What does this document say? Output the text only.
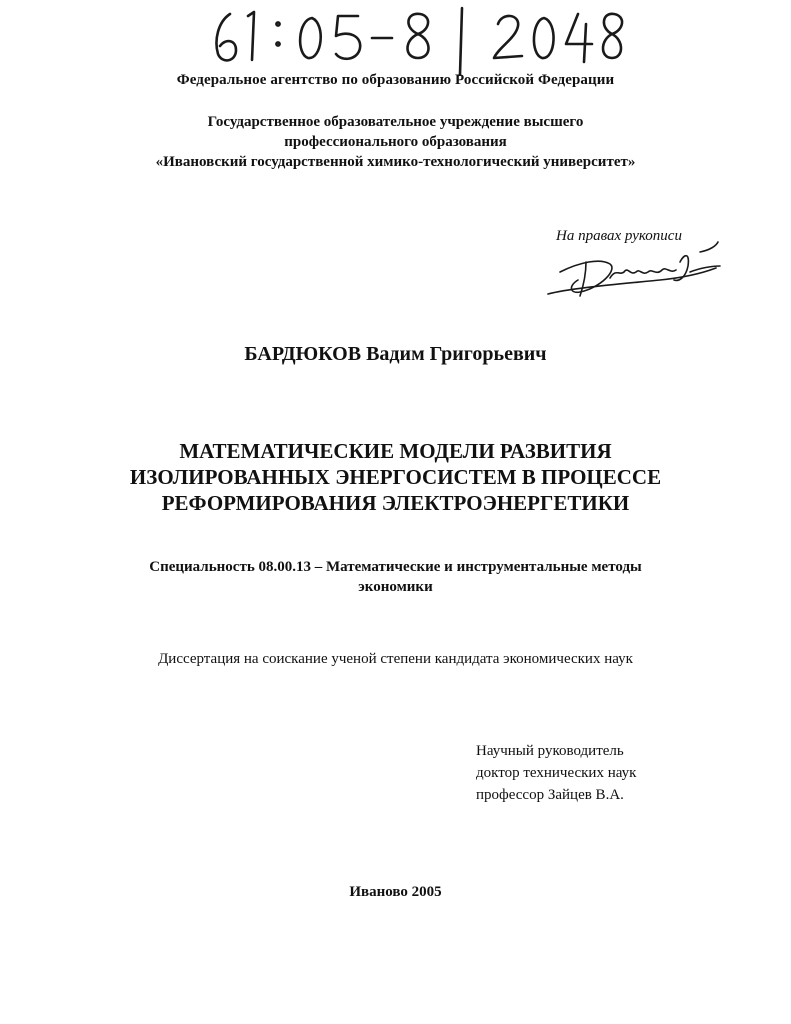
Федеральное агентство по образованию Российской Федерации
Государственное образовательное учреждение высшего
профессионального образования
«Ивановский государственной химико-технологический университет»
На правах рукописи
БАРДЮКОВ Вадим Григорьевич
МАТЕМАТИЧЕСКИЕ МОДЕЛИ РАЗВИТИЯ
ИЗОЛИРОВАННЫХ ЭНЕРГОСИСТЕМ В ПРОЦЕССЕ
РЕФОРМИРОВАНИЯ ЭЛЕКТРОЭНЕРГЕТИКИ
Специальность 08.00.13 – Математические и инструментальные методы
экономики
Диссертация на соискание ученой степени кандидата экономических наук
Научный руководитель
доктор технических наук
профессор Зайцев В.А.
Иваново 2005
